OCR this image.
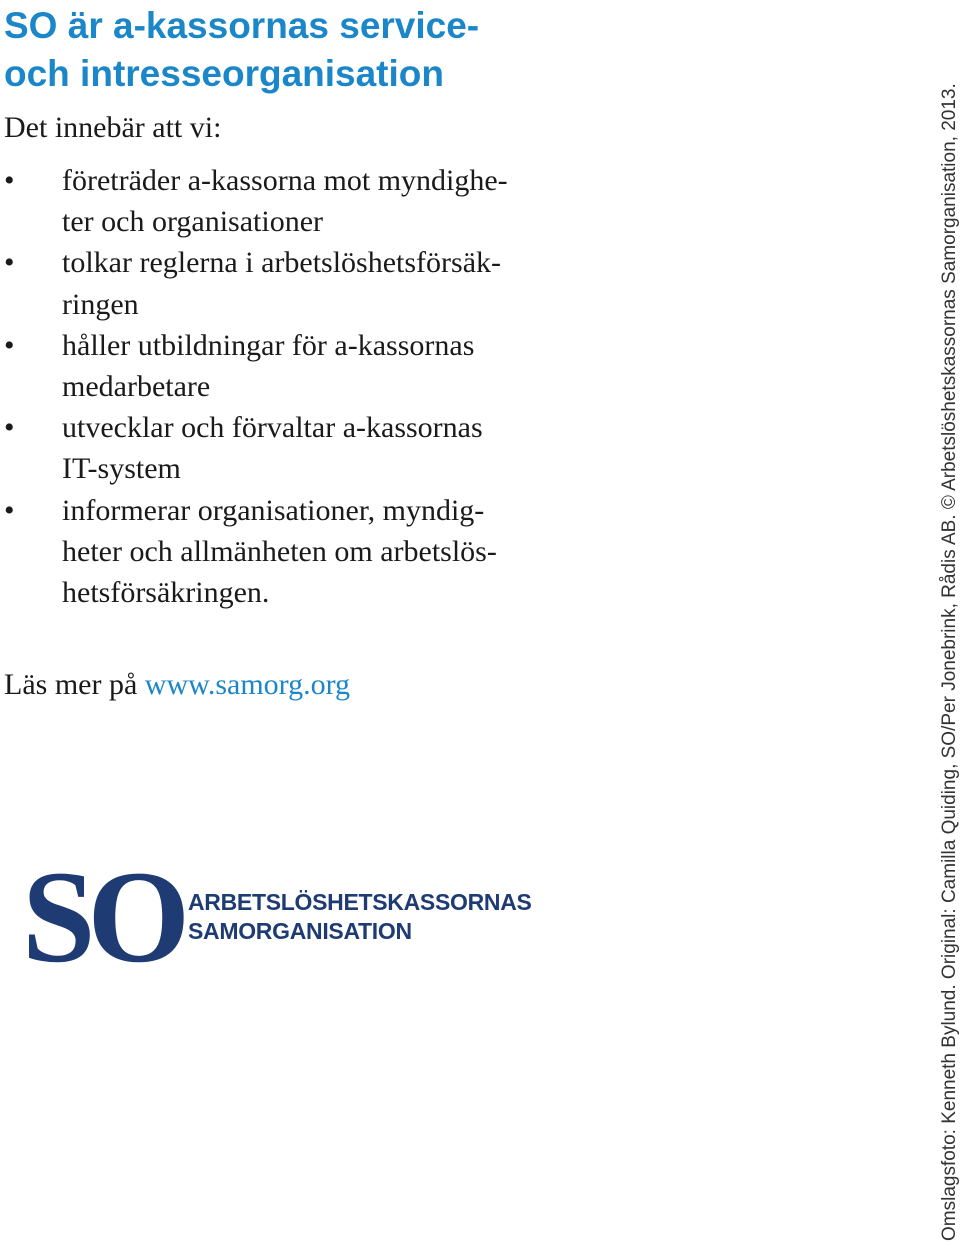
SO är a-kassornas service-
och intresseorganisation

Det innebär att vi:

• företräder a-kassorna mot myndighe-
ter och organisationer
• tolkar reglerna i arbetslöshetsförsäk-
ringen
• håller utbildningar för a-kassornas
medarbetare
• utvecklar och förvaltar a-kassornas
IT-system
• informerar organisationer, myndig-
heter och allmänheten om arbetslös-
hetsförsäkringen.

Läs mer på www.samorg.org

SO ARBETSLÖSHETSKASSORNAS
SAMORGANISATION	Omslagsfoto: Kenneth Bylund. Original: Camilla Quiding, SO/Per Jonebrink, Rådis AB. © Arbetslöshetskassornas Samorganisation, 2013.
